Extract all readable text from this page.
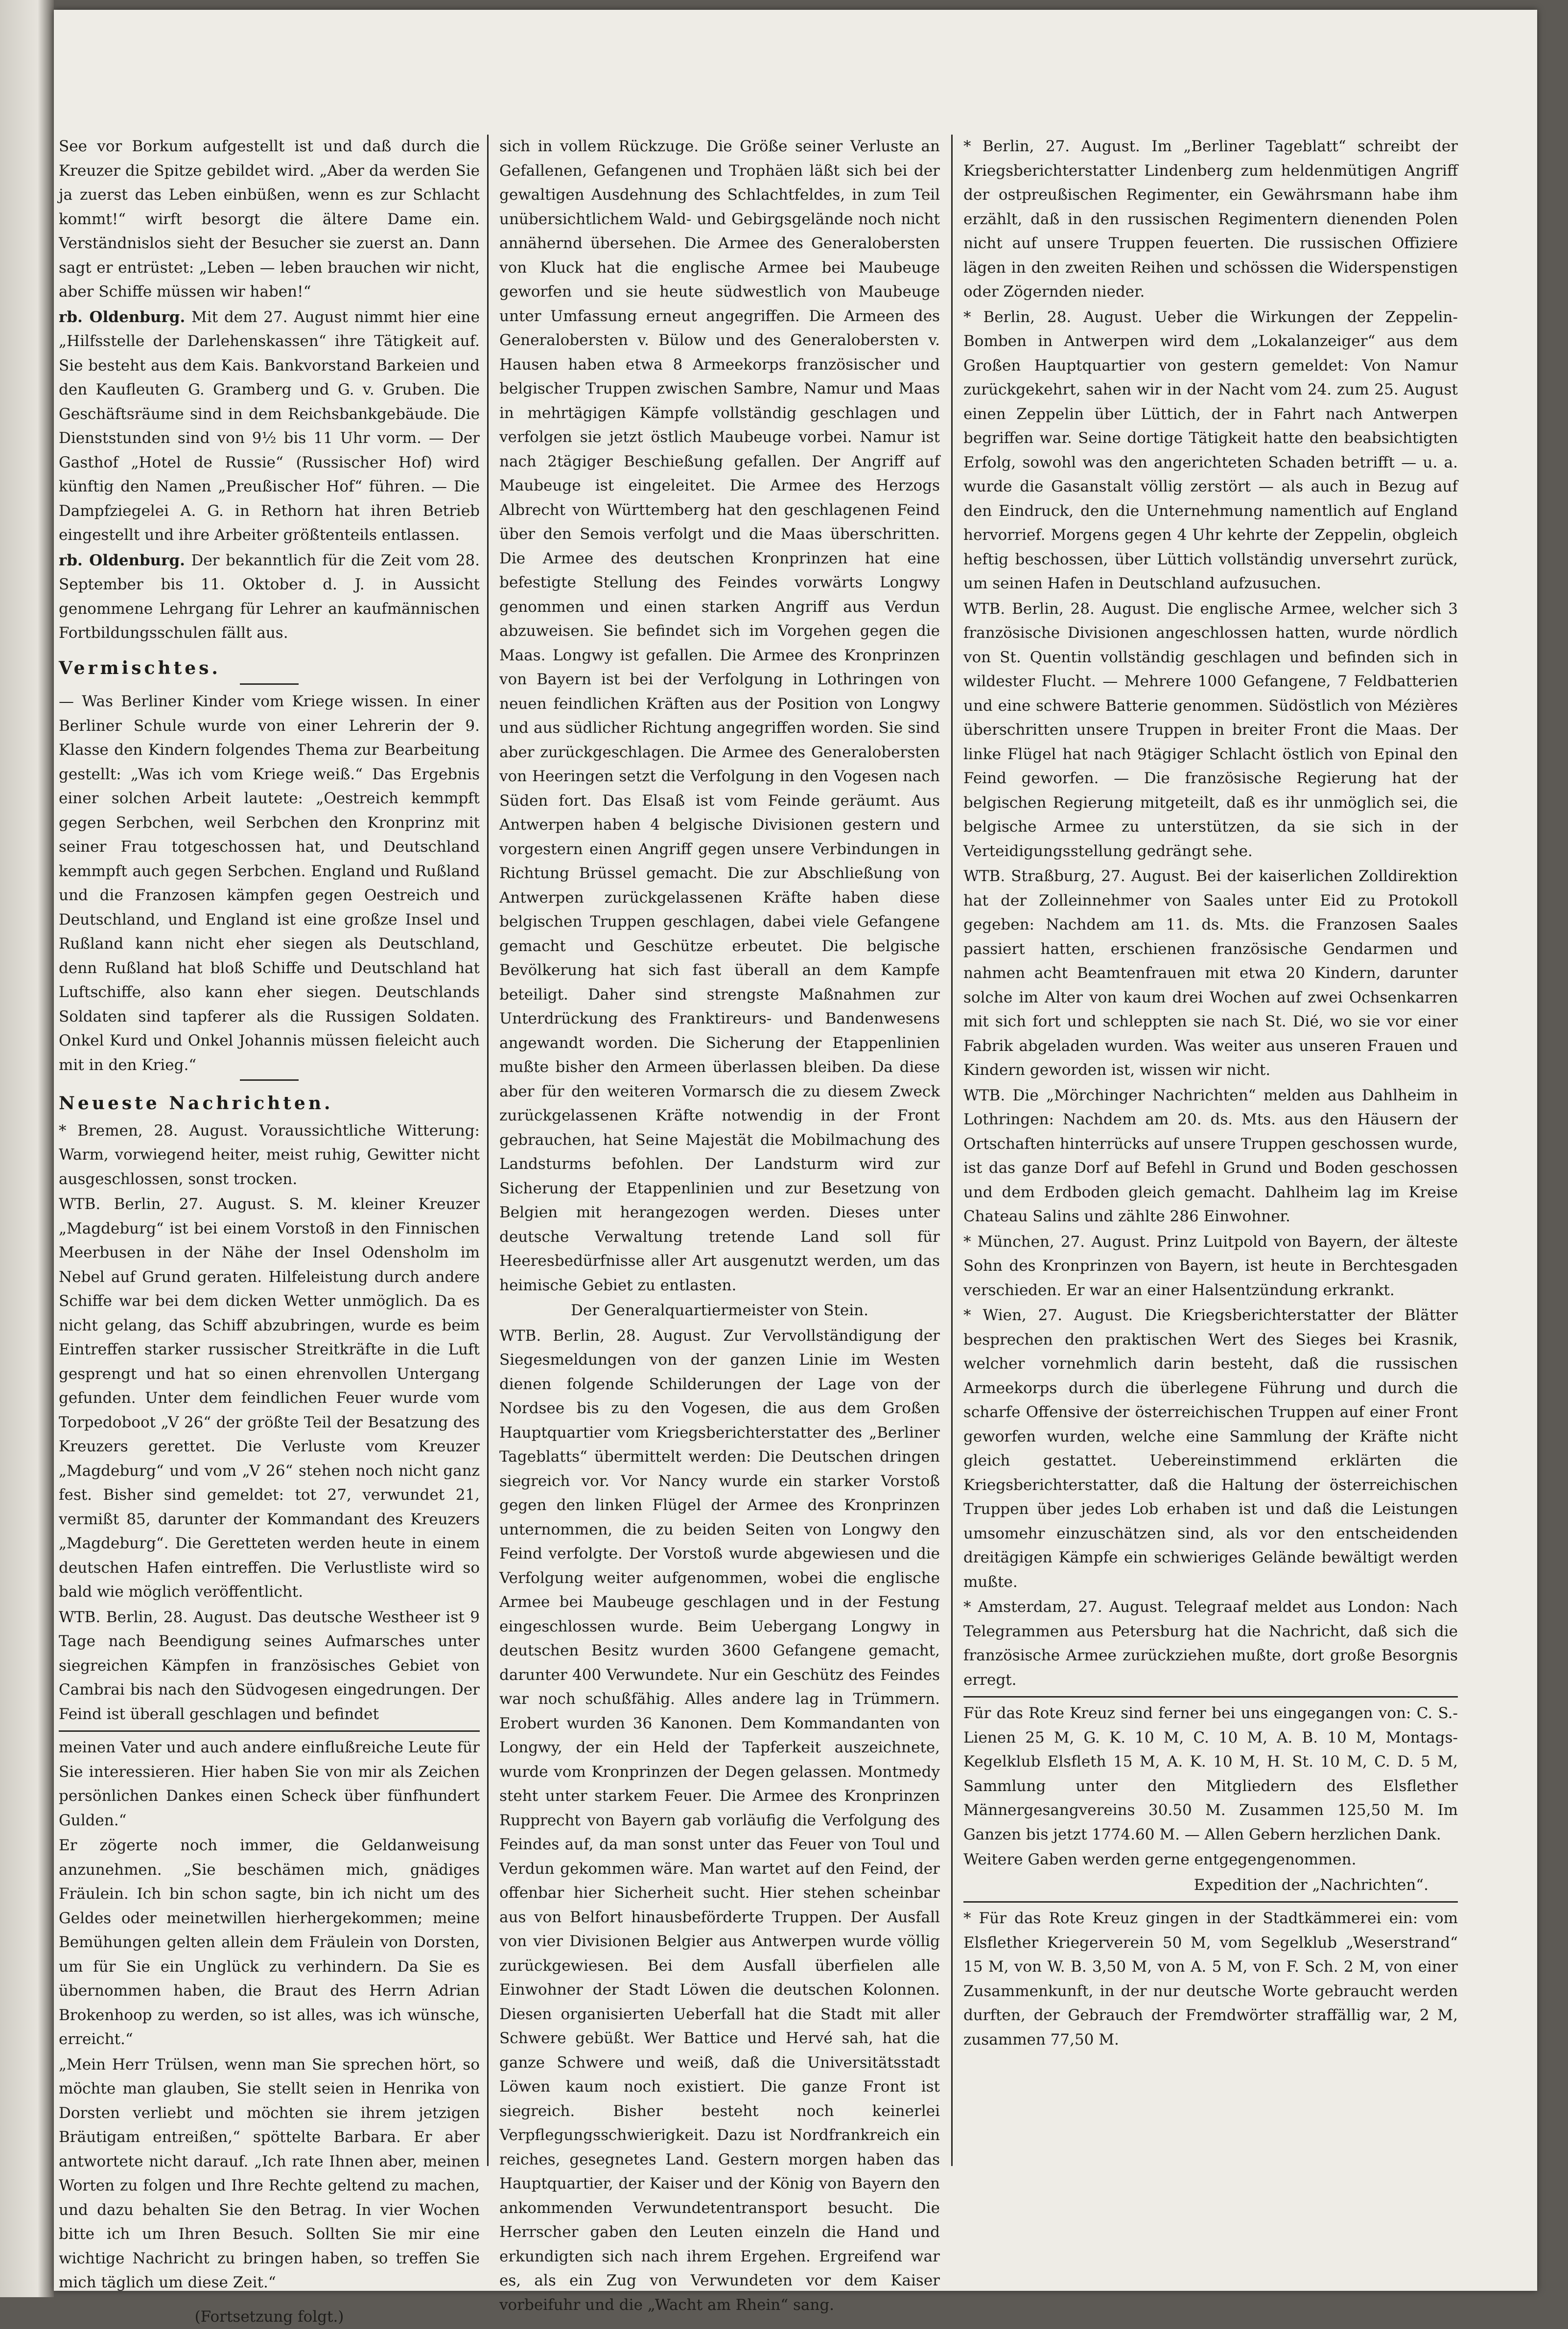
See vor Borkum aufgestellt ist und daß durch die Kreuzer die Spitze gebildet wird. „Aber da werden Sie ja zuerst das Leben einbüßen, wenn es zur Schlacht kommt!“ wirft besorgt die ältere Dame ein. Verständnislos sieht der Besucher sie zuerst an. Dann sagt er entrüstet: „Leben — leben brauchen wir nicht, aber Schiffe müssen wir haben!“

rb. Oldenburg. Mit dem 27. August nimmt hier eine „Hilfsstelle der Darlehenskassen“ ihre Tätigkeit auf. Sie besteht aus dem Kais. Bankvorstand Barkeien und den Kaufleuten G. Gramberg und G. v. Gruben. Die Geschäftsräume sind in dem Reichsbankgebäude. Die Dienststunden sind von 9½ bis 11 Uhr vorm. — Der Gasthof „Hotel de Russie“ (Russischer Hof) wird künftig den Namen „Preußischer Hof“ führen. — Die Dampfziegelei A. G. in Rethorn hat ihren Betrieb eingestellt und ihre Arbeiter größtenteils entlassen.

rb. Oldenburg. Der bekanntlich für die Zeit vom 28. September bis 11. Oktober d. J. in Aussicht genommene Lehrgang für Lehrer an kaufmännischen Fortbildungsschulen fällt aus.

Vermischtes.

— Was Berliner Kinder vom Kriege wissen. In einer Berliner Schule wurde von einer Lehrerin der 9. Klasse den Kindern folgendes Thema zur Bearbeitung gestellt: „Was ich vom Kriege weiß.“ Das Ergebnis einer solchen Arbeit lautete: „Oestreich kemmpft gegen Serbchen, weil Serbchen den Kronprinz mit seiner Frau totgeschossen hat, und Deutschland kemmpft auch gegen Serbchen. England und Rußland und die Franzosen kämpfen gegen Oestreich und Deutschland, und England ist eine großze Insel und Rußland kann nicht eher siegen als Deutschland, denn Rußland hat bloß Schiffe und Deutschland hat Luftschiffe, also kann eher siegen. Deutschlands Soldaten sind tapferer als die Russigen Soldaten. Onkel Kurd und Onkel Johannis müssen fieleicht auch mit in den Krieg.“

Neueste Nachrichten.

* Bremen, 28. August. Voraussichtliche Witterung: Warm, vorwiegend heiter, meist ruhig, Gewitter nicht ausgeschlossen, sonst trocken.

WTB. Berlin, 27. August. S. M. kleiner Kreuzer „Magdeburg“ ist bei einem Vorstoß in den Finnischen Meerbusen in der Nähe der Insel Odensholm im Nebel auf Grund geraten. Hilfeleistung durch andere Schiffe war bei dem dicken Wetter unmöglich. Da es nicht gelang, das Schiff abzubringen, wurde es beim Eintreffen starker russischer Streitkräfte in die Luft gesprengt und hat so einen ehrenvollen Untergang gefunden. Unter dem feindlichen Feuer wurde vom Torpedoboot „V 26“ der größte Teil der Besatzung des Kreuzers gerettet. Die Verluste vom Kreuzer „Magdeburg“ und vom „V 26“ stehen noch nicht ganz fest. Bisher sind gemeldet: tot 27, verwundet 21, vermißt 85, darunter der Kommandant des Kreuzers „Magdeburg“. Die Geretteten werden heute in einem deutschen Hafen eintreffen. Die Verlustliste wird so bald wie möglich veröffentlicht.

WTB. Berlin, 28. August. Das deutsche Westheer ist 9 Tage nach Beendigung seines Aufmarsches unter siegreichen Kämpfen in französisches Gebiet von Cambrai bis nach den Südvogesen eingedrungen. Der Feind ist überall geschlagen und befindet

meinen Vater und auch andere einflußreiche Leute für Sie interessieren. Hier haben Sie von mir als Zeichen persönlichen Dankes einen Scheck über fünfhundert Gulden.“

Er zögerte noch immer, die Geldanweisung anzunehmen. „Sie beschämen mich, gnädiges Fräulein. Ich bin schon sagte, bin ich nicht um des Geldes oder meinetwillen hierhergekommen; meine Bemühungen gelten allein dem Fräulein von Dorsten, um für Sie ein Unglück zu verhindern. Da Sie es übernommen haben, die Braut des Herrn Adrian Brokenhoop zu werden, so ist alles, was ich wünsche, erreicht.“

„Mein Herr Trülsen, wenn man Sie sprechen hört, so möchte man glauben, Sie stellt seien in Henrika von Dorsten verliebt und möchten sie ihrem jetzigen Bräutigam entreißen,“ spöttelte Barbara. Er aber antwortete nicht darauf. „Ich rate Ihnen aber, meinen Worten zu folgen und Ihre Rechte geltend zu machen, und dazu behalten Sie den Betrag. In vier Wochen bitte ich um Ihren Besuch. Sollten Sie mir eine wichtige Nachricht zu bringen haben, so treffen Sie mich täglich um diese Zeit.“

(Fortsetzung folgt.)

sich in vollem Rückzuge. Die Größe seiner Verluste an Gefallenen, Gefangenen und Trophäen läßt sich bei der gewaltigen Ausdehnung des Schlachtfeldes, in zum Teil unübersichtlichem Wald- und Gebirgsgelände noch nicht annähernd übersehen. Die Armee des Generalobersten von Kluck hat die englische Armee bei Maubeuge geworfen und sie heute südwestlich von Maubeuge unter Umfassung erneut angegriffen. Die Armeen des Generalobersten v. Bülow und des Generalobersten v. Hausen haben etwa 8 Armeekorps französischer und belgischer Truppen zwischen Sambre, Namur und Maas in mehrtägigen Kämpfe vollständig geschlagen und verfolgen sie jetzt östlich Maubeuge vorbei. Namur ist nach 2tägiger Beschießung gefallen. Der Angriff auf Maubeuge ist eingeleitet. Die Armee des Herzogs Albrecht von Württemberg hat den geschlagenen Feind über den Semois verfolgt und die Maas überschritten. Die Armee des deutschen Kronprinzen hat eine befestigte Stellung des Feindes vorwärts Longwy genommen und einen starken Angriff aus Verdun abzuweisen. Sie befindet sich im Vorgehen gegen die Maas. Longwy ist gefallen. Die Armee des Kronprinzen von Bayern ist bei der Verfolgung in Lothringen von neuen feindlichen Kräften aus der Position von Longwy und aus südlicher Richtung angegriffen worden. Sie sind aber zurückgeschlagen. Die Armee des Generalobersten von Heeringen setzt die Verfolgung in den Vogesen nach Süden fort. Das Elsaß ist vom Feinde geräumt. Aus Antwerpen haben 4 belgische Divisionen gestern und vorgestern einen Angriff gegen unsere Verbindungen in Richtung Brüssel gemacht. Die zur Abschließung von Antwerpen zurückgelassenen Kräfte haben diese belgischen Truppen geschlagen, dabei viele Gefangene gemacht und Geschütze erbeutet. Die belgische Bevölkerung hat sich fast überall an dem Kampfe beteiligt. Daher sind strengste Maßnahmen zur Unterdrückung des Franktireurs- und Bandenwesens angewandt worden. Die Sicherung der Etappenlinien mußte bisher den Armeen überlassen bleiben. Da diese aber für den weiteren Vormarsch die zu diesem Zweck zurückgelassenen Kräfte notwendig in der Front gebrauchen, hat Seine Majestät die Mobilmachung des Landsturms befohlen. Der Landsturm wird zur Sicherung der Etappenlinien und zur Besetzung von Belgien mit herangezogen werden. Dieses unter deutsche Verwaltung tretende Land soll für Heeresbedürfnisse aller Art ausgenutzt werden, um das heimische Gebiet zu entlasten.

Der Generalquartiermeister von Stein.

WTB. Berlin, 28. August. Zur Vervollständigung der Siegesmeldungen von der ganzen Linie im Westen dienen folgende Schilderungen der Lage von der Nordsee bis zu den Vogesen, die aus dem Großen Hauptquartier vom Kriegsberichterstatter des „Berliner Tageblatts“ übermittelt werden: Die Deutschen dringen siegreich vor. Vor Nancy wurde ein starker Vorstoß gegen den linken Flügel der Armee des Kronprinzen unternommen, die zu beiden Seiten von Longwy den Feind verfolgte. Der Vorstoß wurde abgewiesen und die Verfolgung weiter aufgenommen, wobei die englische Armee bei Maubeuge geschlagen und in der Festung eingeschlossen wurde. Beim Uebergang Longwy in deutschen Besitz wurden 3600 Gefangene gemacht, darunter 400 Verwundete. Nur ein Geschütz des Feindes war noch schußfähig. Alles andere lag in Trümmern. Erobert wurden 36 Kanonen. Dem Kommandanten von Longwy, der ein Held der Tapferkeit auszeichnete, wurde vom Kronprinzen der Degen gelassen. Montmedy steht unter starkem Feuer. Die Armee des Kronprinzen Rupprecht von Bayern gab vorläufig die Verfolgung des Feindes auf, da man sonst unter das Feuer von Toul und Verdun gekommen wäre. Man wartet auf den Feind, der offenbar hier Sicherheit sucht. Hier stehen scheinbar aus von Belfort hinausbeförderte Truppen. Der Ausfall von vier Divisionen Belgier aus Antwerpen wurde völlig zurückgewiesen. Bei dem Ausfall überfielen alle Einwohner der Stadt Löwen die deutschen Kolonnen. Diesen organisierten Ueberfall hat die Stadt mit aller Schwere gebüßt. Wer Battice und Hervé sah, hat die ganze Schwere und weiß, daß die Universitätsstadt Löwen kaum noch existiert. Die ganze Front ist siegreich. Bisher besteht noch keinerlei Verpflegungsschwierigkeit. Dazu ist Nordfrankreich ein reiches, gesegnetes Land. Gestern morgen haben das Hauptquartier, der Kaiser und der König von Bayern den ankommenden Verwundetentransport besucht. Die Herrscher gaben den Leuten einzeln die Hand und erkundigten sich nach ihrem Ergehen. Ergreifend war es, als ein Zug von Verwundeten vor dem Kaiser vorbeifuhr und die „Wacht am Rhein“ sang.

* Berlin, 27. August. Im „Berliner Tageblatt“ schreibt der Kriegsberichterstatter Lindenberg zum heldenmütigen Angriff der ostpreußischen Regimenter, ein Gewährsmann habe ihm erzählt, daß in den russischen Regimentern dienenden Polen nicht auf unsere Truppen feuerten. Die russischen Offiziere lägen in den zweiten Reihen und schössen die Widerspenstigen oder Zögernden nieder.

* Berlin, 28. August. Ueber die Wirkungen der Zeppelin-Bomben in Antwerpen wird dem „Lokalanzeiger“ aus dem Großen Hauptquartier von gestern gemeldet: Von Namur zurückgekehrt, sahen wir in der Nacht vom 24. zum 25. August einen Zeppelin über Lüttich, der in Fahrt nach Antwerpen begriffen war. Seine dortige Tätigkeit hatte den beabsichtigten Erfolg, sowohl was den angerichteten Schaden betrifft — u. a. wurde die Gasanstalt völlig zerstört — als auch in Bezug auf den Eindruck, den die Unternehmung namentlich auf England hervorrief. Morgens gegen 4 Uhr kehrte der Zeppelin, obgleich heftig beschossen, über Lüttich vollständig unversehrt zurück, um seinen Hafen in Deutschland aufzusuchen.

WTB. Berlin, 28. August. Die englische Armee, welcher sich 3 französische Divisionen angeschlossen hatten, wurde nördlich von St. Quentin vollständig geschlagen und befinden sich in wildester Flucht. — Mehrere 1000 Gefangene, 7 Feldbatterien und eine schwere Batterie genommen. Südöstlich von Mézières überschritten unsere Truppen in breiter Front die Maas. Der linke Flügel hat nach 9tägiger Schlacht östlich von Epinal den Feind geworfen. — Die französische Regierung hat der belgischen Regierung mitgeteilt, daß es ihr unmöglich sei, die belgische Armee zu unterstützen, da sie sich in der Verteidigungsstellung gedrängt sehe.

WTB. Straßburg, 27. August. Bei der kaiserlichen Zolldirektion hat der Zolleinnehmer von Saales unter Eid zu Protokoll gegeben: Nachdem am 11. ds. Mts. die Franzosen Saales passiert hatten, erschienen französische Gendarmen und nahmen acht Beamtenfrauen mit etwa 20 Kindern, darunter solche im Alter von kaum drei Wochen auf zwei Ochsenkarren mit sich fort und schleppten sie nach St. Dié, wo sie vor einer Fabrik abgeladen wurden. Was weiter aus unseren Frauen und Kindern geworden ist, wissen wir nicht.

WTB. Die „Mörchinger Nachrichten“ melden aus Dahlheim in Lothringen: Nachdem am 20. ds. Mts. aus den Häusern der Ortschaften hinterrücks auf unsere Truppen geschossen wurde, ist das ganze Dorf auf Befehl in Grund und Boden geschossen und dem Erdboden gleich gemacht. Dahlheim lag im Kreise Chateau Salins und zählte 286 Einwohner.

* München, 27. August. Prinz Luitpold von Bayern, der älteste Sohn des Kronprinzen von Bayern, ist heute in Berchtesgaden verschieden. Er war an einer Halsentzündung erkrankt.

* Wien, 27. August. Die Kriegsberichterstatter der Blätter besprechen den praktischen Wert des Sieges bei Krasnik, welcher vornehmlich darin besteht, daß die russischen Armeekorps durch die überlegene Führung und durch die scharfe Offensive der österreichischen Truppen auf einer Front geworfen wurden, welche eine Sammlung der Kräfte nicht gleich gestattet. Uebereinstimmend erklärten die Kriegsberichterstatter, daß die Haltung der österreichischen Truppen über jedes Lob erhaben ist und daß die Leistungen umsomehr einzuschätzen sind, als vor den entscheidenden dreitägigen Kämpfe ein schwieriges Gelände bewältigt werden mußte.

* Amsterdam, 27. August. Telegraaf meldet aus London: Nach Telegrammen aus Petersburg hat die Nachricht, daß sich die französische Armee zurückziehen mußte, dort große Besorgnis erregt.

Für das Rote Kreuz sind ferner bei uns eingegangen von: C. S.-Lienen 25 M, G. K. 10 M, C. 10 M, A. B. 10 M, Montags-Kegelklub Elsfleth 15 M, A. K. 10 M, H. St. 10 M, C. D. 5 M, Sammlung unter den Mitgliedern des Elsflether Männergesangvereins 30.50 M. Zusammen 125,50 M. Im Ganzen bis jetzt 1774.60 M. — Allen Gebern herzlichen Dank.

Weitere Gaben werden gerne entgegengenommen.

Expedition der „Nachrichten“.

* Für das Rote Kreuz gingen in der Stadtkämmerei ein: vom Elsflether Kriegerverein 50 M, vom Segelklub „Weserstrand“ 15 M, von W. B. 3,50 M, von A. 5 M, von F. Sch. 2 M, von einer Zusammenkunft, in der nur deutsche Worte gebraucht werden durften, der Gebrauch der Fremdwörter straffällig war, 2 M, zusammen 77,50 M.
